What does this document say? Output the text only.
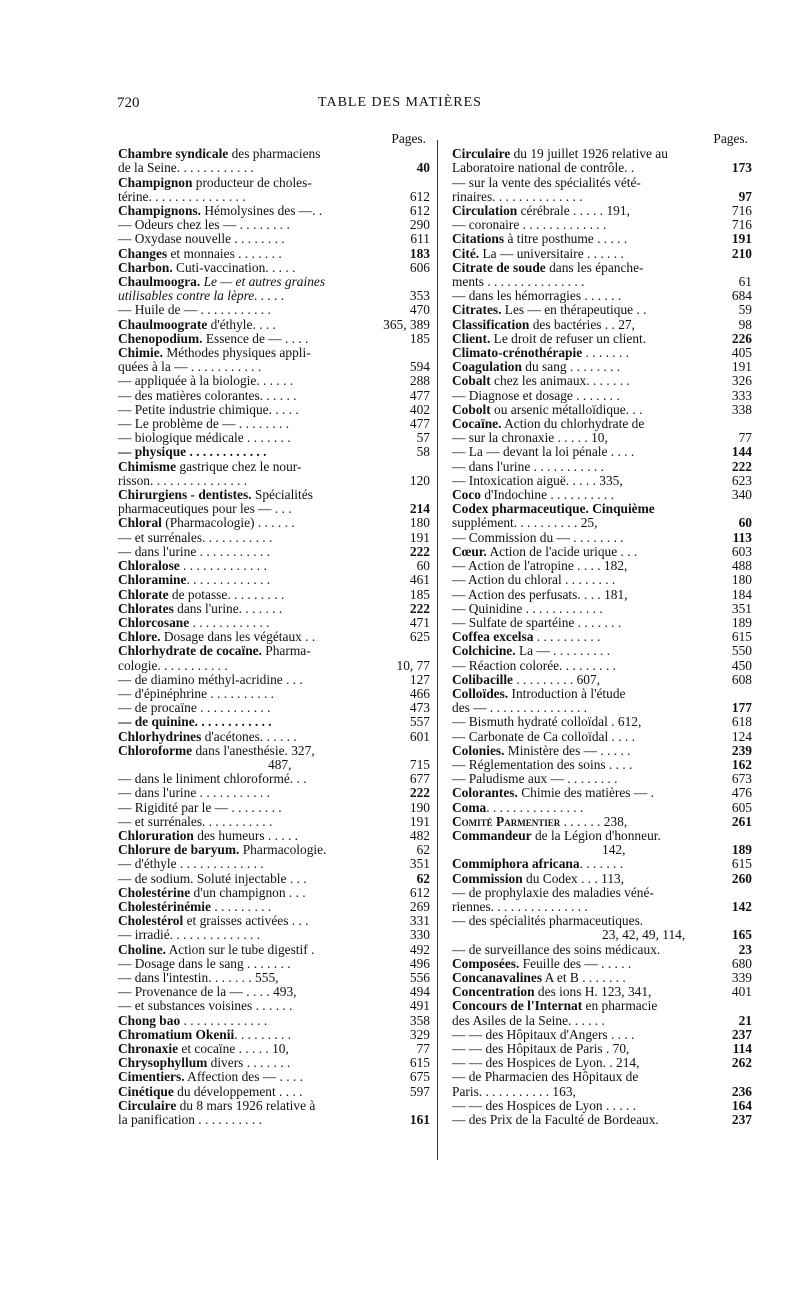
720	TABLE DES MATIÈRES
Pages.
Chambre syndicale des pharmaciens
de la Seine. . . . . . . . . . . .	40
Champignon producteur de choles-
térine. . . . . . . . . . . . . . .	612
Champignons. Hémolysines des —. .	612
— Odeurs chez les — . . . . . . . .	290
— Oxydase nouvelle . . . . . . . .	611
Changes et monnaies . . . . . . .	183
Charbon. Cuti-vaccination. . . . .	606
Chaulmoogra. Le — et autres graines
utilisables contre la lèpre. . . . .	353
— Huile de — . . . . . . . . . . .	470
Chaulmoograte d'éthyle. . . .	365, 389
Chenopodium. Essence de — . . . .	185
Chimie. Méthodes physiques appli-
quées à la — . . . . . . . . . . .	594
— appliquée à la biologie. . . . . .	288
— des matières colorantes. . . . . .	477
— Petite industrie chimique. . . . .	402
— Le problème de — . . . . . . . .	477
— biologique médicale . . . . . . .	57
— physique . . . . . . . . . . . .	58
Chimisme gastrique chez le nour-
risson. . . . . . . . . . . . . . .	120
Chirurgiens - dentistes. Spécialités
pharmaceutiques pour les — . . .	214
Chloral (Pharmacologie) . . . . . .	180
— et surrénales. . . . . . . . . . .	191
— dans l'urine . . . . . . . . . . .	222
Chloralose . . . . . . . . . . . . .	60
Chloramine. . . . . . . . . . . . .	461
Chlorate de potasse. . . . . . . . .	185
Chlorates dans l'urine. . . . . . .	222
Chlorcosane . . . . . . . . . . . .	471
Chlore. Dosage dans les végétaux . .	625
Chlorhydrate de cocaïne. Pharma-
cologie. . . . . . . . . . .	10, 77
— de diamino méthyl-acridine . . .	127
— d'épinéphrine . . . . . . . . . .	466
— de procaïne . . . . . . . . . . .	473
— de quinine. . . . . . . . . . . .	557
Chlorhydrines d'acétones. . . . . .	601
Chloroforme dans l'anesthésie. 327,
487,	715
— dans le liniment chloroformé. . .	677
— dans l'urine . . . . . . . . . . .	222
— Rigidité par le — . . . . . . . .	190
— et surrénales. . . . . . . . . . .	191
Chloruration des humeurs . . . . .	482
Chlorure de baryum. Pharmacologie.	62
— d'éthyle . . . . . . . . . . . . .	351
— de sodium. Soluté injectable . . .	62
Cholestérine d'un champignon . . .	612
Cholestérinémie . . . . . . . . .	269
Cholestérol et graisses activées . . .	331
— irradié. . . . . . . . . . . . . .	330
Choline. Action sur le tube digestif .	492
— Dosage dans le sang . . . . . . .	496
— dans l'intestin. . . . . . . 555,	556
— Provenance de la — . . . . 493,	494
— et substances voisines . . . . . .	491
Chong bao . . . . . . . . . . . . .	358
Chromatium Okenii. . . . . . . . .	329
Chronaxie et cocaïne . . . . . 10,	77
Chrysophyllum divers . . . . . . .	615
Cimentiers. Affection des — . . . .	675
Cinétique du développement . . . .	597
Circulaire du 8 mars 1926 relative à
la panification . . . . . . . . . .	161
Pages.
Circulaire du 19 juillet 1926 relative au
Laboratoire national de contrôle. .	173
— sur la vente des spécialités vété-
rinaires. . . . . . . . . . . . . .	97
Circulation cérébrale . . . . . 191,	716
— coronaire . . . . . . . . . . . . .	716
Citations à titre posthume . . . . .	191
Cité. La — universitaire . . . . . .	210
Citrate de soude dans les épanche-
ments . . . . . . . . . . . . . . .	61
— dans les hémorragies . . . . . .	684
Citrates. Les — en thérapeutique . .	59
Classification des bactéries . . 27,	98
Client. Le droit de refuser un client.	226
Climato-crénothérapie . . . . . . .	405
Coagulation du sang . . . . . . . .	191
Cobalt chez les animaux. . . . . . .	326
— Diagnose et dosage . . . . . . .	333
Cobolt ou arsenic métalloïdique. . .	338
Cocaïne. Action du chlorhydrate de
— sur la chronaxie . . . . . 10,	77
— La — devant la loi pénale . . . .	144
— dans l'urine . . . . . . . . . . .	222
— Intoxication aiguë. . . . . 335,	623
Coco d'Indochine . . . . . . . . . .	340
Codex pharmaceutique. Cinquième
supplément. . . . . . . . . . 25,	60
— Commission du — . . . . . . . .	113
Cœur. Action de l'acide urique . . .	603
— Action de l'atropine . . . . 182,	488
— Action du chloral . . . . . . . .	180
— Action des perfusats. . . . 181,	184
— Quinidine . . . . . . . . . . . .	351
— Sulfate de spartéine . . . . . . .	189
Coffea excelsa . . . . . . . . . .	615
Colchicine. La — . . . . . . . . .	550
— Réaction colorée. . . . . . . . .	450
Colibacille . . . . . . . . . 607,	608
Colloïdes. Introduction à l'étude
des — . . . . . . . . . . . . . . .	177
— Bismuth hydraté colloïdal . 612,	618
— Carbonate de Ca colloïdal . . . .	124
Colonies. Ministère des — . . . . .	239
— Réglementation des soins . . . .	162
— Paludisme aux — . . . . . . . .	673
Colorantes. Chimie des matières — .	476
Coma. . . . . . . . . . . . . . .	605
Comité Parmentier . . . . . . 238,	261
Commandeur de la Légion d'honneur.
142,	189
Commiphora africana. . . . . . .	615
Commission du Codex . . . 113,	260
— de prophylaxie des maladies véné-
riennes. . . . . . . . . . . . . . .	142
— des spécialités pharmaceutiques.
23, 42, 49, 114,	165
— de surveillance des soins médicaux.	23
Composées. Feuille des — . . . . .	680
Concanavalines A et B . . . . . . .	339
Concentration des ions H. 123, 341,	401
Concours de l'Internat en pharmacie
des Asiles de la Seine. . . . . .	21
— — des Hôpitaux d'Angers . . . .	237
— — des Hôpitaux de Paris . 70,	114
— — des Hospices de Lyon. . 214,	262
— de Pharmacien des Hôpitaux de
Paris. . . . . . . . . . . 163,	236
— — des Hospices de Lyon . . . . .	164
— des Prix de la Faculté de Bordeaux.	237
